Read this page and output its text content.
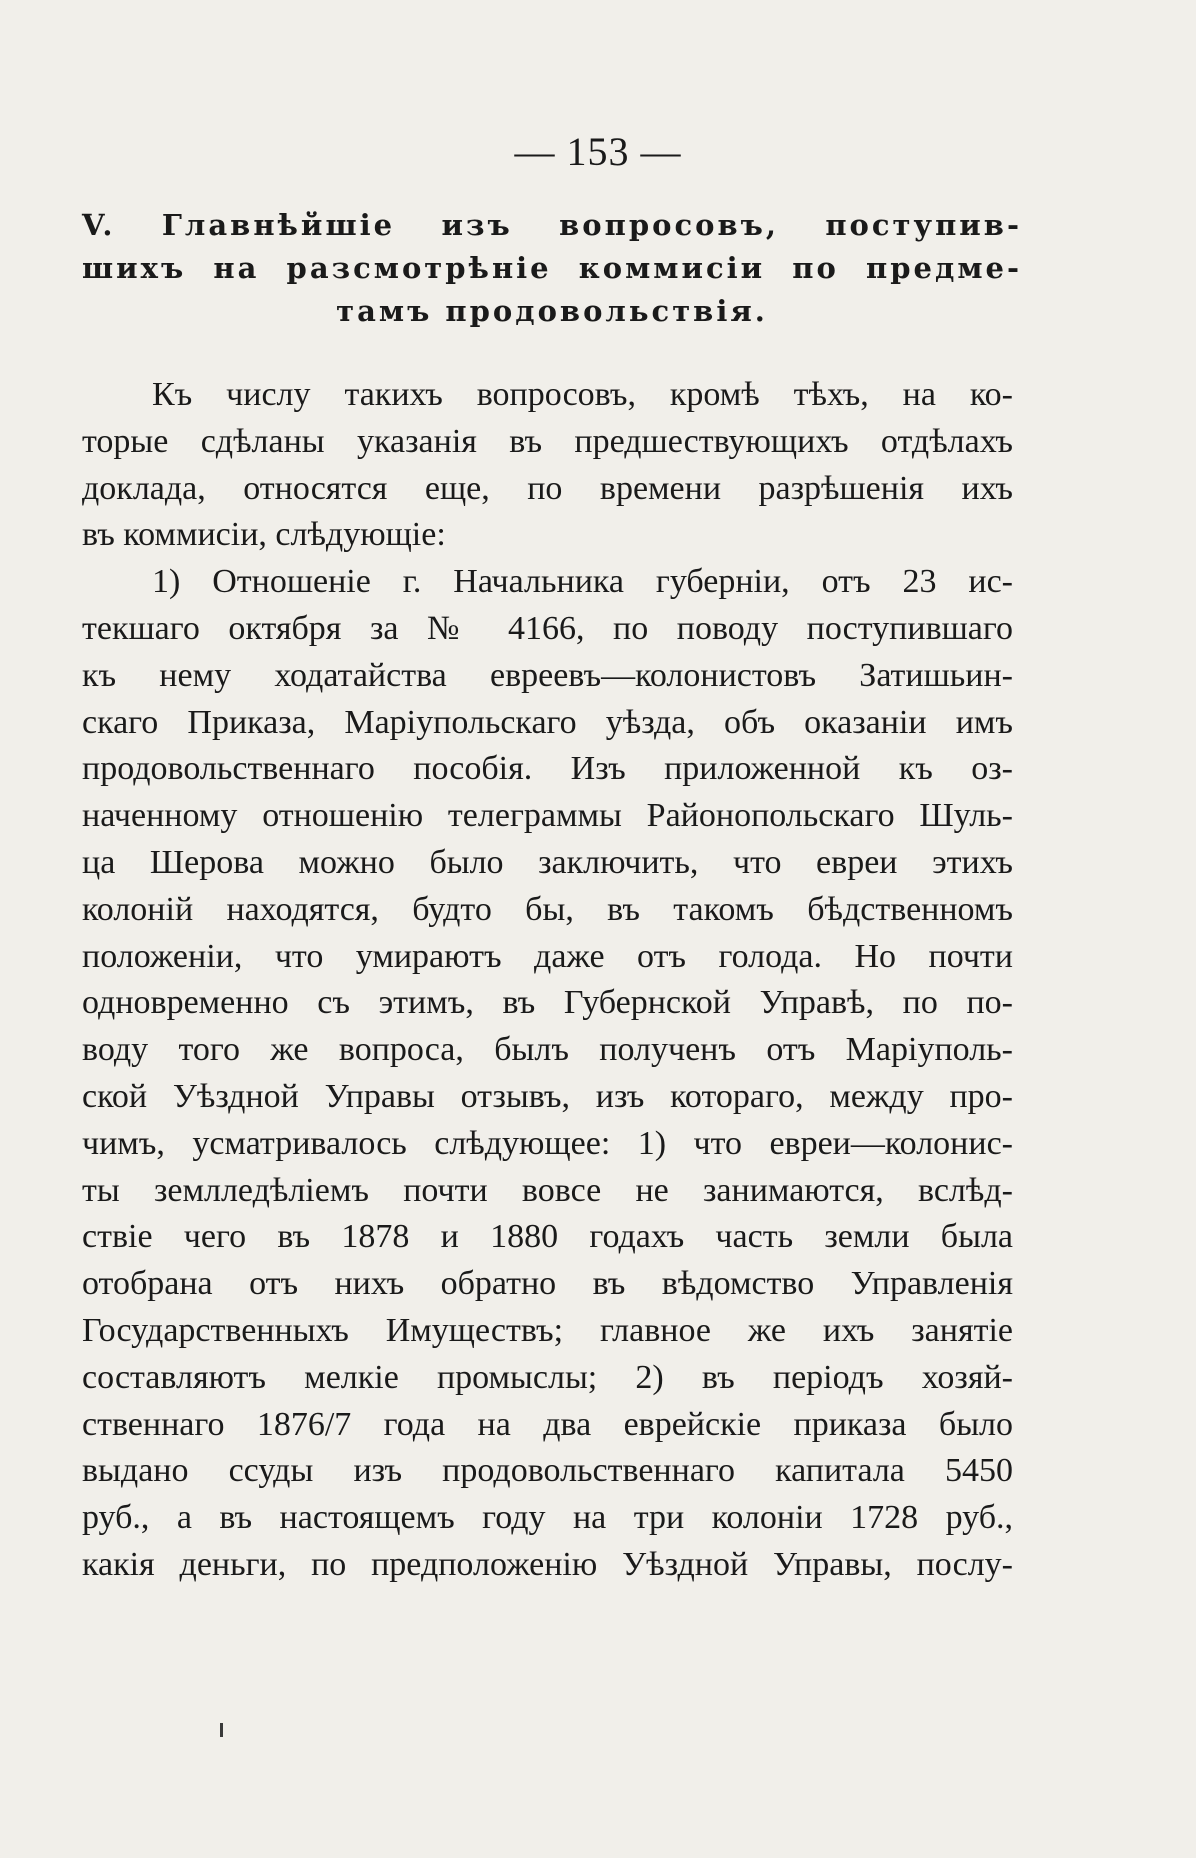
— 153 —
V. Главнѣйшіе изъ вопросовъ, поступив-
шихъ на разсмотрѣніе коммисіи по предме-
тамъ продовольствія.
Къ числу такихъ вопросовъ, кромѣ тѣхъ, на ко-
торые сдѣланы указанія въ предшествующихъ отдѣлахъ
доклада, относятся еще, по времени разрѣшенія ихъ
въ коммисіи, слѣдующіе:
1) Отношеніе г. Начальника губерніи, отъ 23 ис-
текшаго октября за № 4166, по поводу поступившаго
къ нему ходатайства евреевъ—колонистовъ Затишьин-
скаго Приказа, Маріупольскаго уѣзда, объ оказаніи имъ
продовольственнаго пособія. Изъ приложенной къ оз-
наченному отношенію телеграммы Районопольскаго Шуль-
ца Шерова можно было заключить, что евреи этихъ
колоній находятся, будто бы, въ такомъ бѣдственномъ
положеніи, что умираютъ даже отъ голода. Но почти
одновременно съ этимъ, въ Губернской Управѣ, по по-
воду того же вопроса, былъ полученъ отъ Маріуполь-
ской Уѣздной Управы отзывъ, изъ котораго, между про-
чимъ, усматривалось слѣдующее: 1) что евреи—колонис-
ты землледѣліемъ почти вовсе не занимаются, вслѣд-
ствіе чего въ 1878 и 1880 годахъ часть земли была
отобрана отъ нихъ обратно въ вѣдомство Управленія
Государственныхъ Имуществъ; главное же ихъ занятіе
составляютъ мелкіе промыслы; 2) въ періодъ хозяй-
ственнаго 1876/7 года на два еврейскіе приказа было
выдано ссуды изъ продовольственнаго капитала 5450
руб., а въ настоящемъ году на три колоніи 1728 руб.,
какія деньги, по предположенію Уѣздной Управы, послу-
